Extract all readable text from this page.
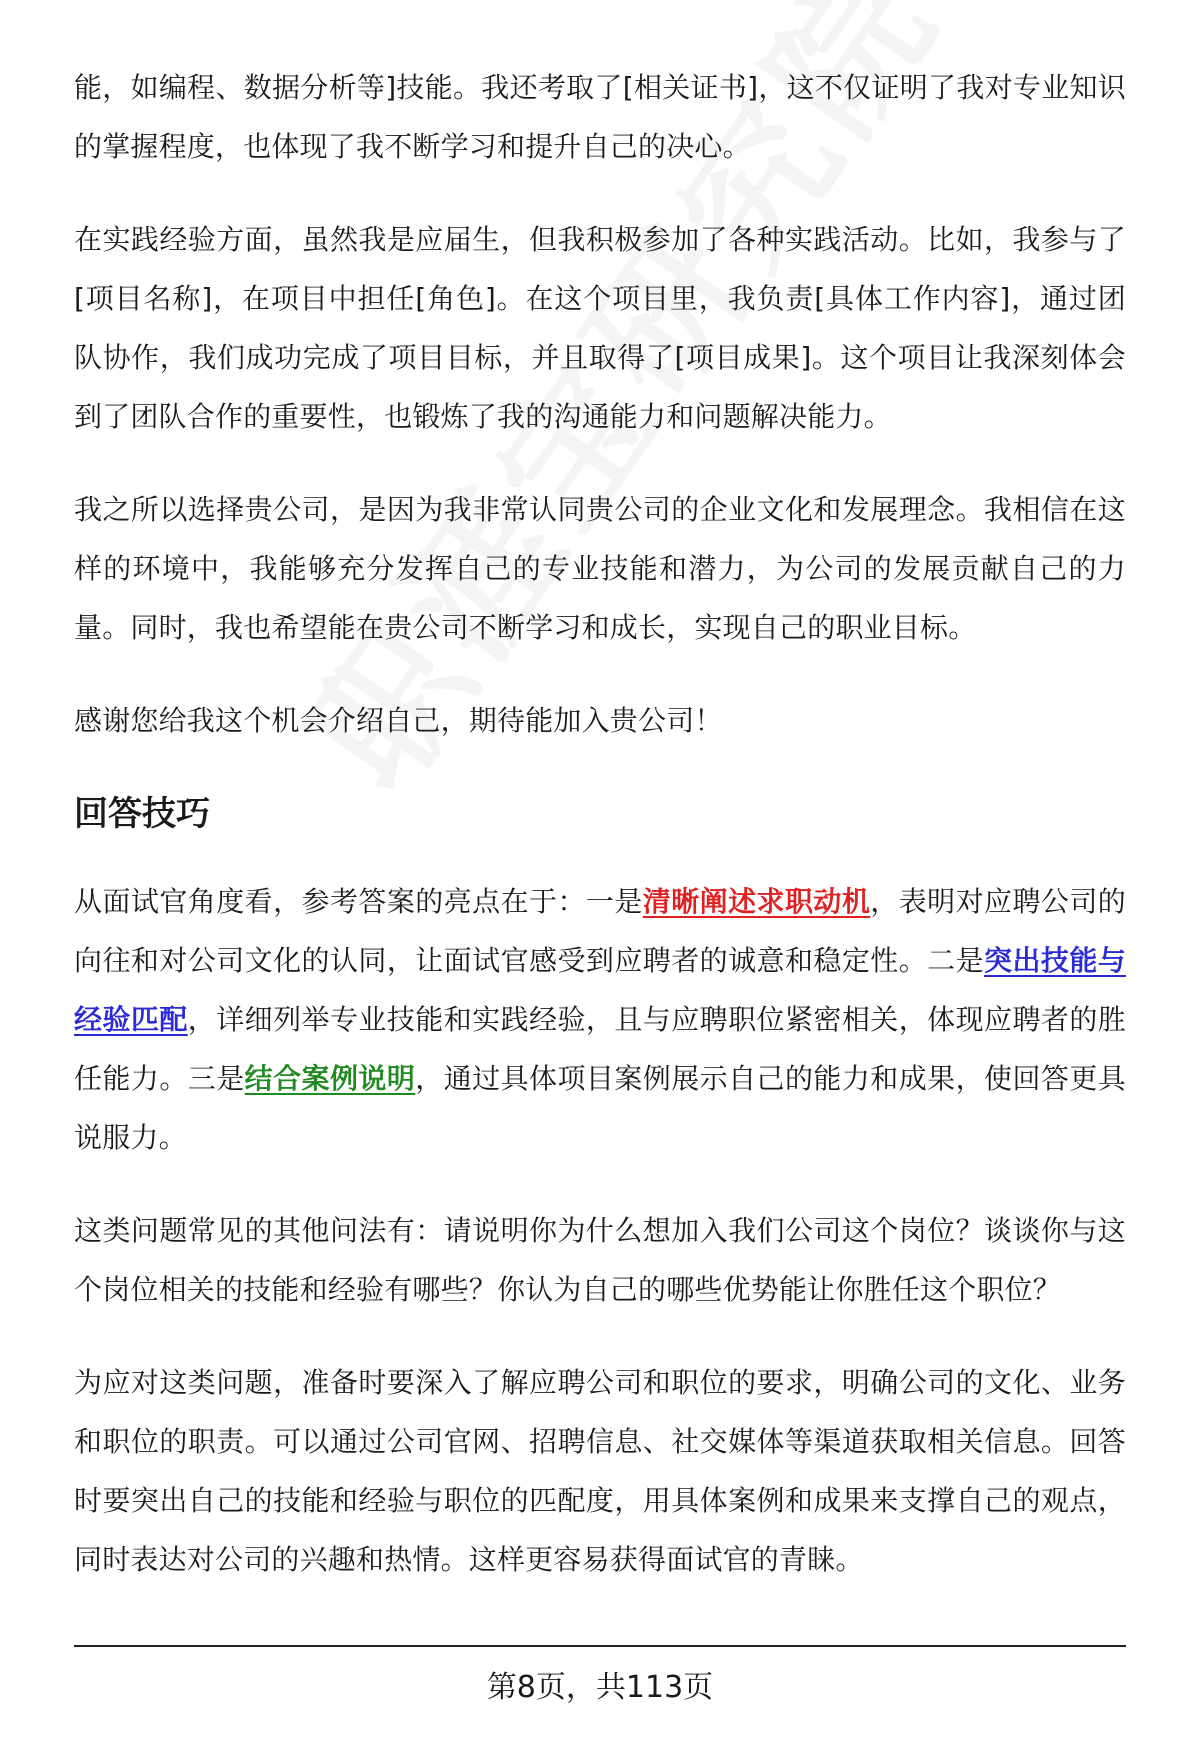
能，如编程、数据分析等]技能。我还考取了[相关证书]，这不仅证明了我对专业知识的掌握程度，也体现了我不断学习和提升自己的决心。

在实践经验方面，虽然我是应届生，但我积极参加了各种实践活动。比如，我参与了[项目名称]，在项目中担任[角色]。在这个项目里，我负责[具体工作内容]，通过团队协作，我们成功完成了项目目标，并且取得了[项目成果]。这个项目让我深刻体会到了团队合作的重要性，也锻炼了我的沟通能力和问题解决能力。

我之所以选择贵公司，是因为我非常认同贵公司的企业文化和发展理念。我相信在这样的环境中，我能够充分发挥自己的专业技能和潜力，为公司的发展贡献自己的力量。同时，我也希望能在贵公司不断学习和成长，实现自己的职业目标。

感谢您给我这个机会介绍自己，期待能加入贵公司！

回答技巧

从面试官角度看，参考答案的亮点在于：一是清晰阐述求职动机，表明对应聘公司的向往和对公司文化的认同，让面试官感受到应聘者的诚意和稳定性。二是突出技能与经验匹配，详细列举专业技能和实践经验，且与应聘职位紧密相关，体现应聘者的胜任能力。三是结合案例说明，通过具体项目案例展示自己的能力和成果，使回答更具说服力。

这类问题常见的其他问法有：请说明你为什么想加入我们公司这个岗位？谈谈你与这个岗位相关的技能和经验有哪些？你认为自己的哪些优势能让你胜任这个职位？

为应对这类问题，准备时要深入了解应聘公司和职位的要求，明确公司的文化、业务和职位的职责。可以通过公司官网、招聘信息、社交媒体等渠道获取相关信息。回答时要突出自己的技能和经验与职位的匹配度，用具体案例和成果来支撑自己的观点，同时表达对公司的兴趣和热情。这样更容易获得面试官的青睐。

第8页，共113页
